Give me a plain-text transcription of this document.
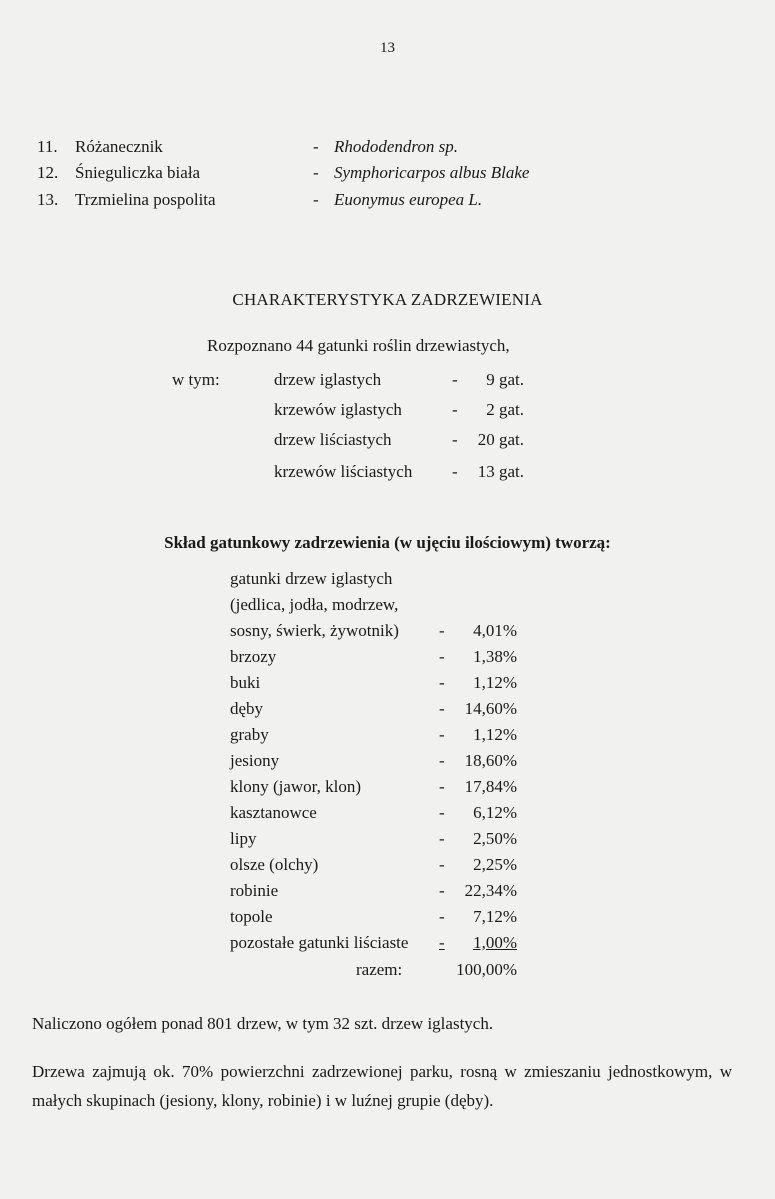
13
11. Różanecznik	- Rhododendron sp.
12. Śnieguliczka biała	- Symphoricarpos albus Blake
13. Trzmielina pospolita	- Euonymus europea L.
CHARAKTERYSTYKA ZADRZEWIENIA
Rozpoznano 44 gatunki roślin drzewiastych,
w tym:	drzew iglastych	- 9 gat.
krzewów iglastych	- 2 gat.
drzew liściastych	- 20 gat.
krzewów liściastych - 13 gat.
Skład gatunkowy zadrzewienia (w ujęciu ilościowym) tworzą:
gatunki drzew iglastych
(jedlica, jodła, modrzew,
sosny, świerk, żywotnik) - 4,01%
brzozy	- 1,38%
buki	- 1,12%
dęby	- 14,60%
graby	- 1,12%
jesiony	- 18,60%
klony (jawor, klon)	- 17,84%
kasztanowce	- 6,12%
lipy	- 2,50%
olsze (olchy)	- 2,25%
robinie	- 22,34%
topole	- 7,12%
pozostałe gatunki liściaste - 1,00%
razem:	100,00%
Naliczono ogółem ponad 801 drzew, w tym 32 szt. drzew iglastych.
Drzewa zajmują ok. 70% powierzchni zadrzewionej parku, rosną w zmieszaniu jednostkowym, w małych skupinach (jesiony, klony, robinie) i w luźnej grupie (dęby).
